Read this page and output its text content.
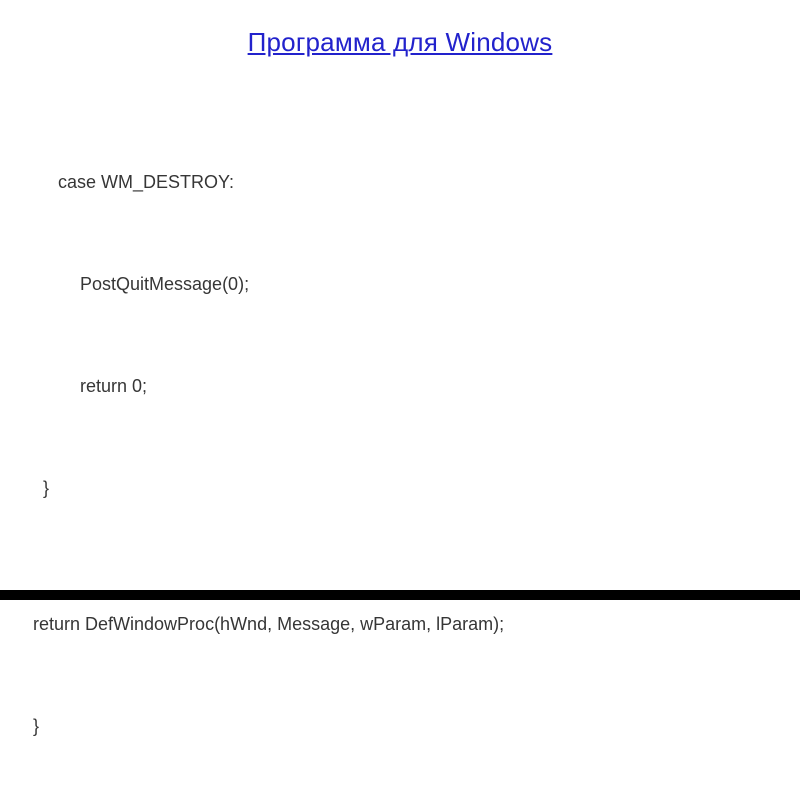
Программа для Windows

case WM_DESTROY:

PostQuitMessage(0);

return 0;

}

return DefWindowProc(hWnd, Message, wParam, lParam);

}
